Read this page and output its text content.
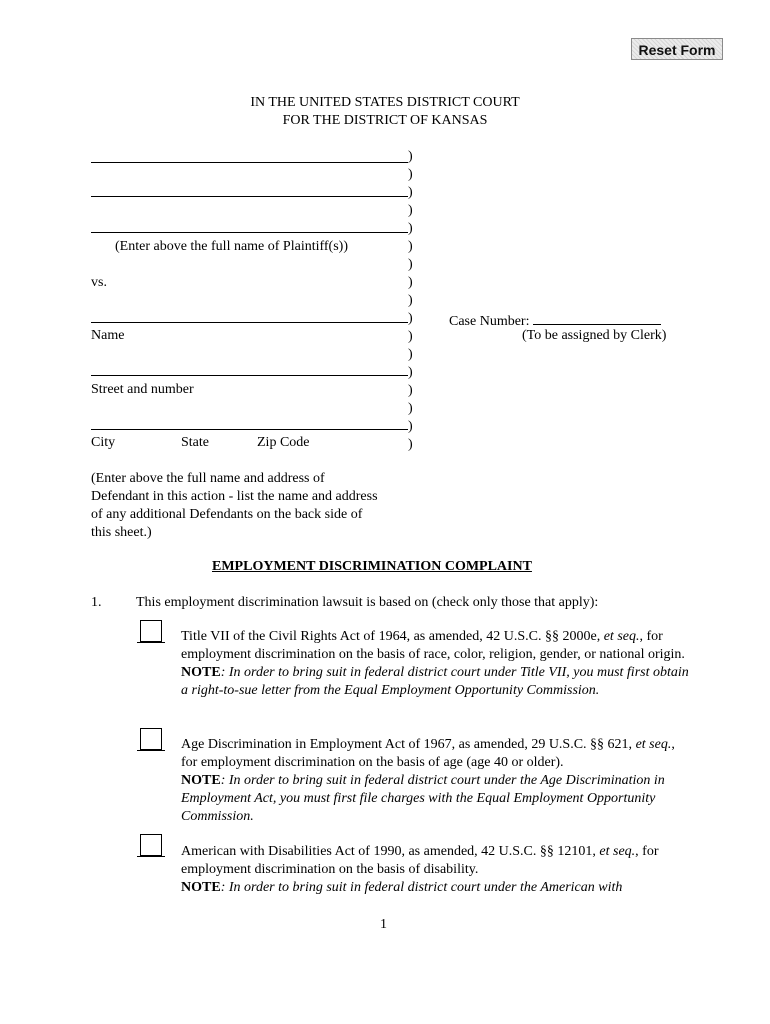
Reset Form
IN THE UNITED STATES DISTRICT COURT
FOR THE DISTRICT OF KANSAS
)
)
)
)
)
)
)
)
)
)
)
)
)
)
)
)
)
(Enter above the full name of Plaintiff(s))
vs.
Name
Street and number
City	State	Zip Code
(Enter above the full name and address of
Defendant in this action - list the name and address
of any additional Defendants on the back side of
this sheet.)
Case Number:
(To be assigned by Clerk)
EMPLOYMENT DISCRIMINATION COMPLAINT
1. This employment discrimination lawsuit is based on (check only those that apply):

Title VII of the Civil Rights Act of 1964, as amended, 42 U.S.C. §§ 2000e, et seq., for employment discrimination on the basis of race, color, religion, gender, or national origin.

NOTE: In order to bring suit in federal district court under Title VII, you must first obtain a right-to-sue letter from the Equal Employment Opportunity Commission.

Age Discrimination in Employment Act of 1967, as amended, 29 U.S.C. §§ 621, et seq., for employment discrimination on the basis of age (age 40 or older).

NOTE: In order to bring suit in federal district court under the Age Discrimination in Employment Act, you must first file charges with the Equal Employment Opportunity Commission.

American with Disabilities Act of 1990, as amended, 42 U.S.C. §§ 12101, et seq., for employment discrimination on the basis of disability.

NOTE: In order to bring suit in federal district court under the American with

1
